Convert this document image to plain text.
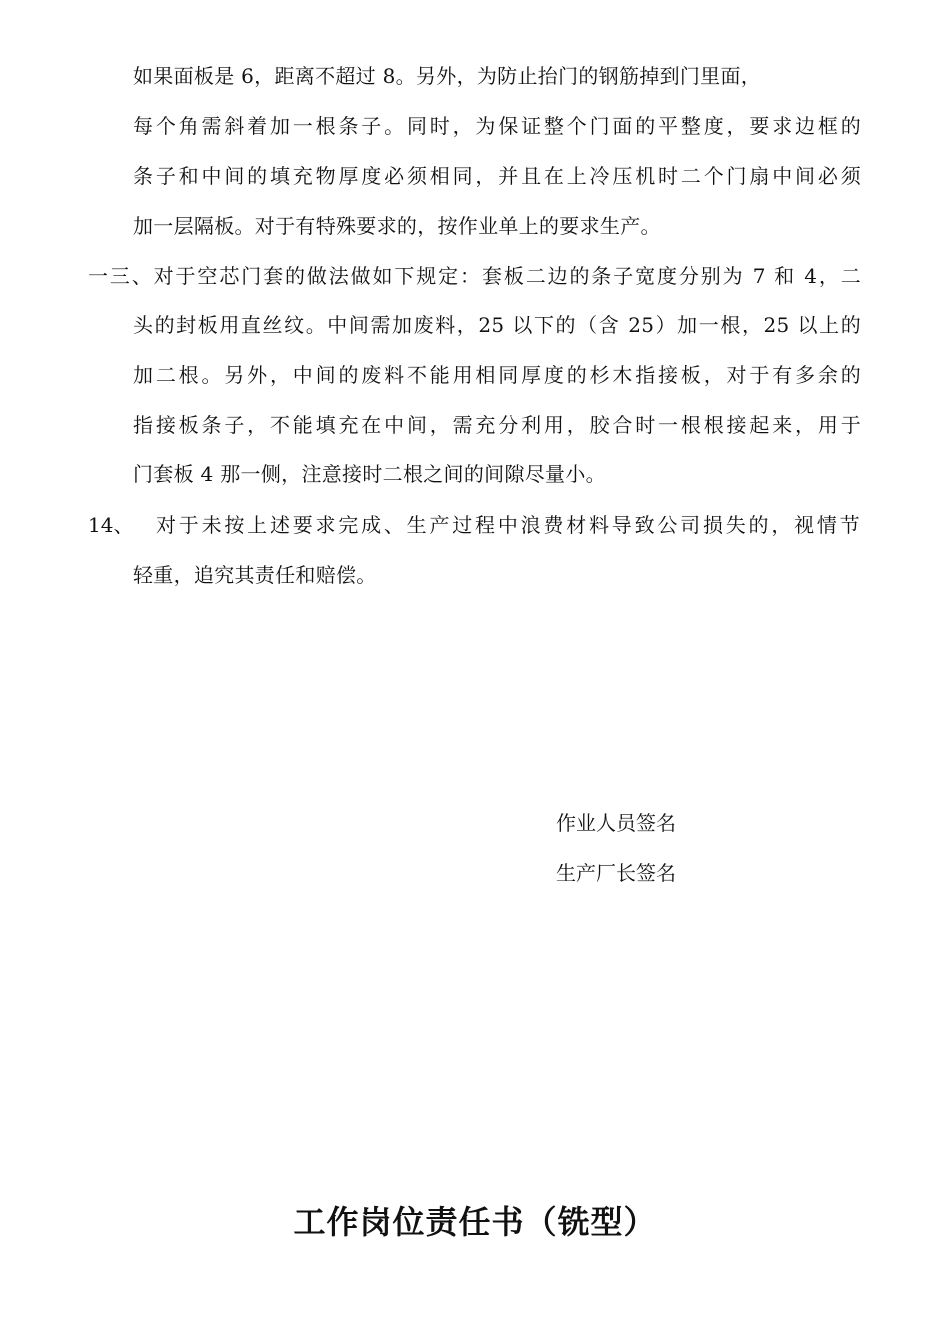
如果面板是 6，距离不超过 8。另外，为防止抬门的钢筋掉到门里面，
每个角需斜着加一根条子。同时，为保证整个门面的平整度，要求边框的
条子和中间的填充物厚度必须相同，并且在上冷压机时二个门扇中间必须
加一层隔板。对于有特殊要求的，按作业单上的要求生产。
一三、对于空芯门套的做法做如下规定：套板二边的条子宽度分别为 7 和 4，二
头的封板用直丝纹。中间需加废料，25 以下的（含 25）加一根，25 以上的
加二根。另外，中间的废料不能用相同厚度的杉木指接板，对于有多余的
指接板条子，不能填充在中间，需充分利用，胶合时一根根接起来，用于
门套板 4 那一侧，注意接时二根之间的间隙尽量小。
14、 对于未按上述要求完成、生产过程中浪费材料导致公司损失的，视情节
轻重，追究其责任和赔偿。
作业人员签名
生产厂长签名
工作岗位责任书（铣型）
